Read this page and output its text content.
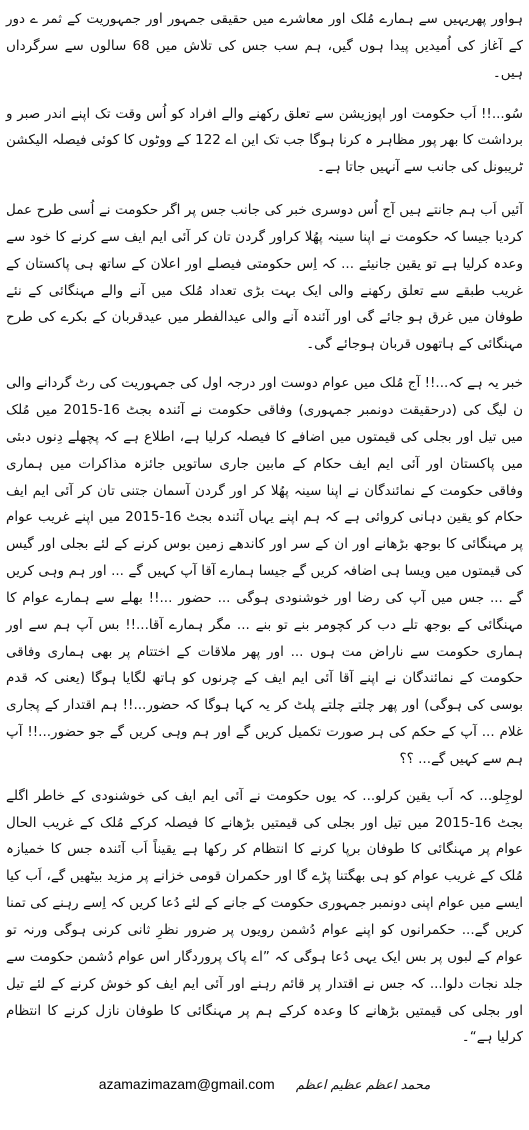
ہواور پھریہیں سے ہمارے مُلک اور معاشرے میں حقیقی جمہور اور جمہوریت کے ثمر ے دور کے آغاز کی اُمیدیں پیدا ہوں گیں، ہم سب جس کی تلاش میں 68 سالوں سے سرگرداں ہیں۔

سُو...!! اَب حکومت اور اپوزیشن سے تعلق رکھنے والے افراد کو اُس وقت تک اپنے اندر صبر و برداشت کا بھر پور مظاہر ہ کرنا ہوگا جب تک این اے 122 کے ووٹوں کا کوئی فیصلہ الیکشن ٹریبونل کی جانب سے آنہیں جاتا ہے۔

آئیں اَب ہم جانتے ہیں آج اُس دوسری خبر کی جانب جس پر اگر حکومت نے اُسی طرح عمل کردیا جیسا کہ حکومت نے اپنا سینہ پھُلا کراور گردن تان کر آئی ایم ایف سے کرنے کا خود سے وعدہ کرلیا ہے تو یقین جانیئے ... کہ اِس حکومتی فیصلے اور اعلان کے ساتھ ہی پاکستان کے غریب طبقے سے تعلق رکھنے والی ایک بہت بڑی تعداد مُلک میں آنے والے مہنگائی کے نئے طوفان میں غرق ہو جائے گی اور آئندہ آنے والی عیدالفطر میں عیدقربان کے بکرے کی طرح مہنگائی کے ہاتھوں قربان ہوجائے گی۔

خبر یہ ہے کہ...!! آج مُلک میں عوام دوست اور درجہ اول کی جمہوریت کی رٹ گردانے والی ن لیگ کی (درحقیقت دونمبر جمہوری) وفاقی حکومت نے آئندہ بجٹ 16-2015 میں مُلک میں تیل اور بجلی کی قیمتوں میں اضافے کا فیصلہ کرلیا ہے، اطلاع ہے کہ پچھلے دِنوں دبئی میں پاکستان اور آئی ایم ایف حکام کے مابین جاری ساتویں جائزہ مذاکرات میں ہماری وفاقی حکومت کے نمائندگان نے اپنا سینہ پھُلا کر اور گردن آسمان جتنی تان کر آئی ایم ایف حکام کو یقین دہانی کروائی ہے کہ ہم اپنے یہاں آئندہ بجٹ 16-2015 میں اپنے غریب عوام پر مہنگائی کا بوجھ بڑھانے اور ان کے سر اور کاندھے زمین بوس کرنے کے لئے بجلی اور گیس کی قیمتوں میں ویسا ہی اضافہ کریں گے جیسا ہمارے آقا آپ کہیں گے ... اور ہم وہی کریں گے ... جس میں آپ کی رضا اور خوشنودی ہوگی ... حضور ...!! بھلے سے ہمارے عوام کا مہنگائی کے بوجھ تلے دب کر کچومر بنے تو بنے ... مگر ہمارے آقا...!! بس آپ ہم سے اور ہماری حکومت سے ناراض مت ہوں ... اور پھر ملاقات کے اختتام پر بھی ہماری وفاقی حکومت کے نمائندگان نے اپنے آقا آئی ایم ایف کے چرنوں کو ہاتھ لگایا ہوگا (یعنی کہ قدم بوسی کی ہوگی) اور پھر چلتے چلتے پلٹ کر یہ کہا ہوگا کہ حضور...!! ہم اقتدار کے پجاری غلام ... آپ کے حکم کی ہر صورت تکمیل کریں گے اور ہم وہی کریں گے جو حضور...!! آپ ہم سے کہیں گے... ؟؟

لوجِلو... کہ اَب یقین کرلو... کہ یوں حکومت نے آئی ایم ایف کی خوشنودی کے خاطر اگلے بجٹ 16-2015 میں تیل اور بجلی کی قیمتیں بڑھانے کا فیصلہ کرکے مُلک کے غریب الحال عوام پر مہنگائی کا طوفان برپا کرنے کا انتظام کر رکھا ہے یقیناً اَب آئندہ جس کا خمیازہ مُلک کے غریب عوام کو ہی بھگتنا پڑے گا اور حکمران قومی خزانے پر مزید بیٹھیں گے، اَب کیا ایسے میں عوام اپنی دونمبر جمہوری حکومت کے جانے کے لئے دُعا کریں کہ اِسے رہنے کی تمنا کریں گے... حکمرانوں کو اپنے عوام دُشمن رویوں پر ضرور نظرِ ثانی کرنی ہوگی ورنہ تو عوام کے لبوں پر بس ایک یہی دُعا ہوگی کہ ”اے پاک پروردگار اس عوام دُشمن حکومت سے جلد نجات دلوا... کہ جس نے اقتدار پر قائم رہنے اور آئی ایم ایف کو خوش کرنے کے لئے تیل اور بجلی کی قیمتیں بڑھانے کا وعدہ کرکے ہم پر مہنگائی کا طوفان نازل کرنے کا انتظام کرلیا ہے“۔

azamazimazam@gmail.com محمد اعظم عظیم اعظم
